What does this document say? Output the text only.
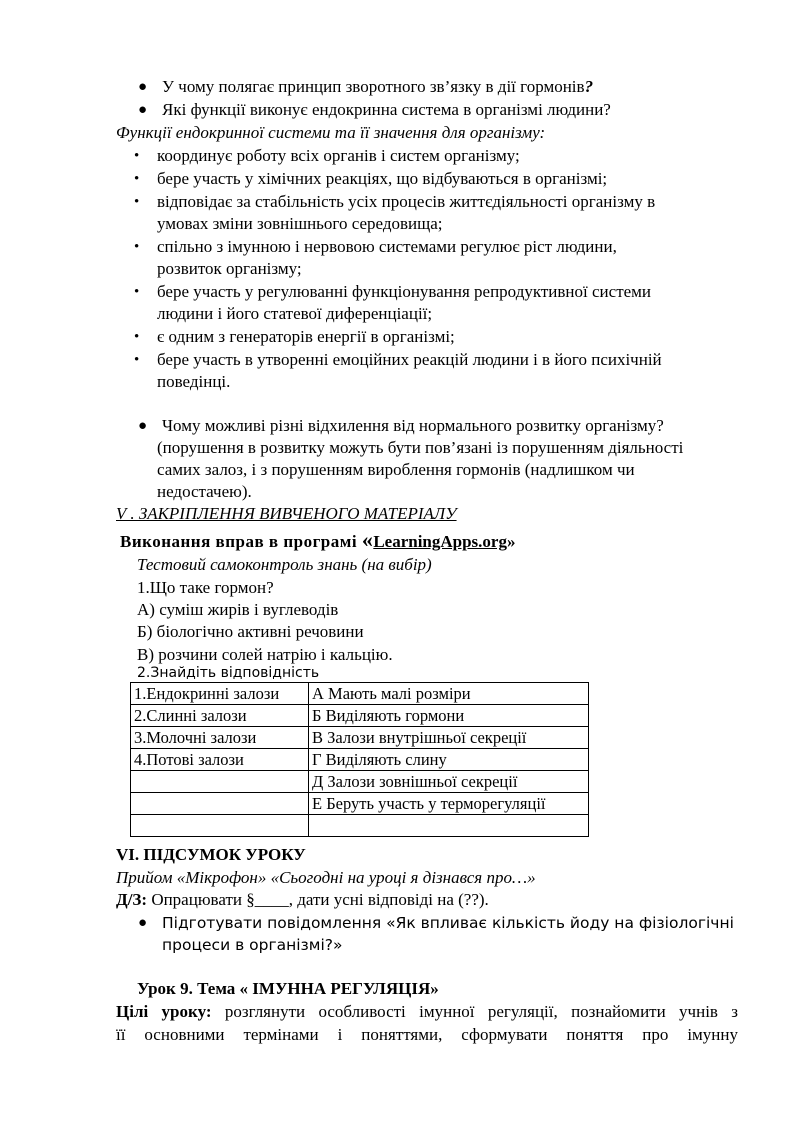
● У чому полягає принцип зворотного зв’язку в дії гормонів?
● Які функції виконує ендокринна система в організмі людини?
Функції ендокринної системи та її значення для організму:
• координує роботу всіх органів і систем організму;
• бере участь у хімічних реакціях, що відбуваються в організмі;
• відповідає за стабільність усіх процесів життєдіяльності організму в
умовах зміни зовнішнього середовища;
• спільно з імунною і нервовою системами регулює ріст людини,
розвиток організму;
• бере участь у регулюванні функціонування репродуктивної системи
людини і його статевої диференціації;
• є одним з генераторів енергії в організмі;
• бере участь в утворенні емоційних реакцій людини і в його психічній
поведінці.
● Чому можливі різні відхилення від нормального розвитку організму?
(порушення в розвитку можуть бути пов’язані із порушенням діяльності
самих залоз, і з порушенням вироблення гормонів (надлишком чи
недостачею).
V . ЗАКРІПЛЕННЯ ВИВЧЕНОГО МАТЕРІАЛУ
Виконання вправ в програмі «LearningApps.org»
Тестовий самоконтроль знань (на вибір)
1.Що таке гормон?
А) суміш жирів і вуглеводів
Б) біологічно активні речовини
В) розчини солей натрію і кальцію.
2.Знайдіть відповідність
1.Ендокринні залози	А Мають малі розміри
2.Слинні залози	Б Виділяють гормони
3.Молочні залози	В Залози внутрішньої секреції
4.Потові залози	Г Виділяють слину
	Д Залози зовнішньої секреції
	Е Беруть участь у терморегуляції

VI. ПІДСУМОК УРОКУ
Прийом «Мікрофон» «Сьогодні на уроці я дізнався про…»
Д/З: Опрацювати §____, дати усні відповіді на (??).
● Підготувати повідомлення «Як впливає кількість йоду на фізіологічні
процеси в організмі?»
Урок 9. Тема « ІМУННА РЕГУЛЯЦІЯ»
Цілі уроку: розглянути особливості імунної регуляції, познайомити учнів з
її основними термінами і поняттями, сформувати поняття про імунну
